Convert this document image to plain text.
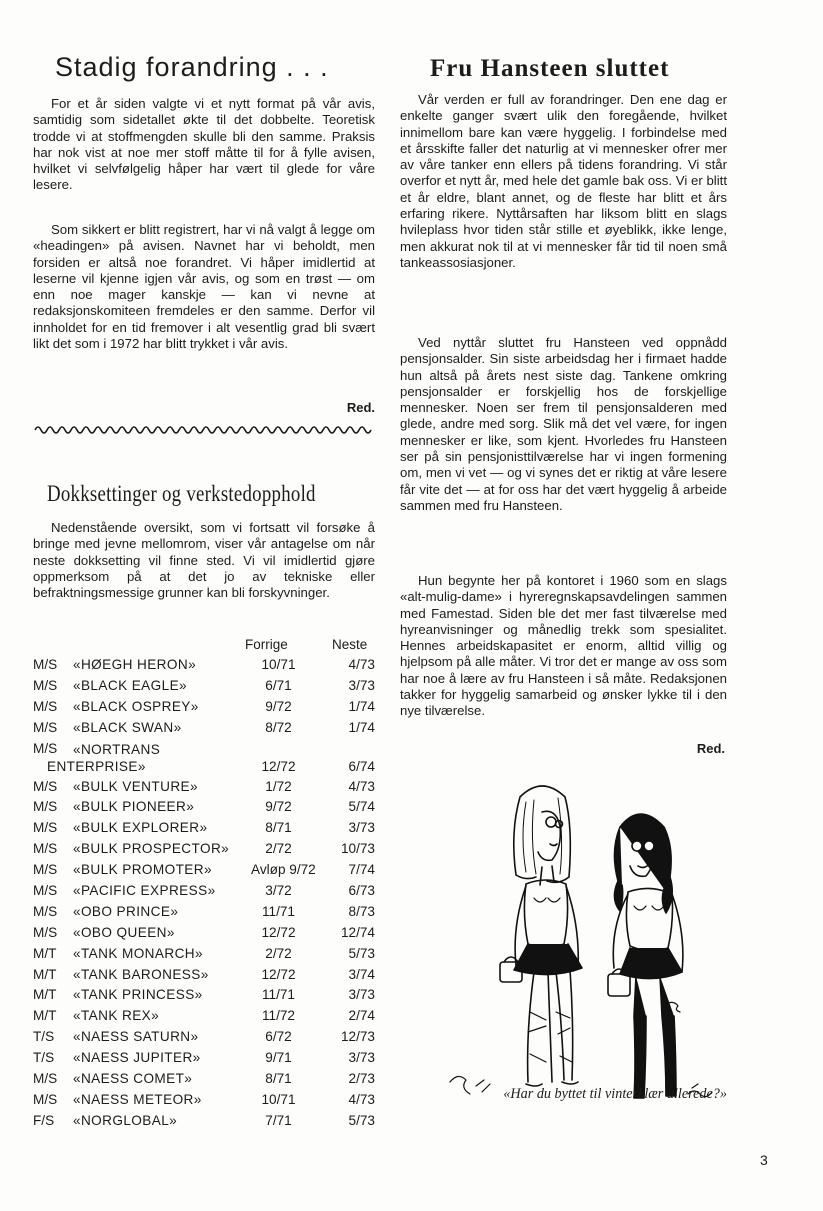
Stadig forandring . . .

For et år siden valgte vi et nytt format på vår avis, samtidig som sidetallet økte til det dobbelte. Teoretisk trodde vi at stoffmengden skulle bli den samme. Praksis har nok vist at noe mer stoff måtte til for å fylle avisen, hvilket vi selvfølgelig håper har vært til glede for våre lesere.

Som sikkert er blitt registrert, har vi nå valgt å legge om «headingen» på avisen. Navnet har vi beholdt, men forsiden er altså noe forandret. Vi håper imidlertid at leserne vil kjenne igjen vår avis, og som en trøst — om enn noe mager kanskje — kan vi nevne at redaksjonskomiteen fremdeles er den samme. Derfor vil innholdet for en tid fremover i alt vesentlig grad bli svært likt det som i 1972 har blitt trykket i vår avis.

Red.

Dokksettinger og verkstedopphold

Nedenstående oversikt, som vi fortsatt vil forsøke å bringe med jevne mellomrom, viser vår antagelse om når neste dokksetting vil finne sted. Vi vil imidlertid gjøre oppmerksom på at det jo av tekniske eller befraktningsmessige grunner kan bli forskyvninger.

Forrige	Neste
M/S «HØEGH HERON»	10/71	4/73
M/S «BLACK EAGLE»	6/71	3/73
M/S «BLACK OSPREY»	9/72	1/74
M/S «BLACK SWAN»	8/72	1/74
M/S «NORTRANS
ENTERPRISE»	12/72	6/74
M/S «BULK VENTURE»	1/72	4/73
M/S «BULK PIONEER»	9/72	5/74
M/S «BULK EXPLORER»	8/71	3/73
M/S «BULK PROSPECTOR»	2/72	10/73
M/S «BULK PROMOTER»	Avløp 9/72	7/74
M/S «PACIFIC EXPRESS»	3/72	6/73
M/S «OBO PRINCE»	11/71	8/73
M/S «OBO QUEEN»	12/72	12/74
M/T «TANK MONARCH»	2/72	5/73
M/T «TANK BARONESS»	12/72	3/74
M/T «TANK PRINCESS»	11/71	3/73
M/T «TANK REX»	11/72	2/74
T/S «NAESS SATURN»	6/72	12/73
T/S «NAESS JUPITER»	9/71	3/73
M/S «NAESS COMET»	8/71	2/73
M/S «NAESS METEOR»	10/71	4/73
F/S «NORGLOBAL»	7/71	5/73
Fru Hansteen sluttet

Vår verden er full av forandringer. Den ene dag er enkelte ganger svært ulik den foregående, hvilket innimellom bare kan være hyggelig. I forbindelse med et årsskifte faller det naturlig at vi mennesker ofrer mer av våre tanker enn ellers på tidens forandring. Vi står overfor et nytt år, med hele det gamle bak oss. Vi er blitt et år eldre, blant annet, og de fleste har blitt et års erfaring rikere. Nyttårsaften har liksom blitt en slags hvileplass hvor tiden står stille et øyeblikk, ikke lenge, men akkurat nok til at vi mennesker får tid til noen små tankeassosiasjoner.

Ved nyttår sluttet fru Hansteen ved oppnådd pensjonsalder. Sin siste arbeidsdag her i firmaet hadde hun altså på årets nest siste dag. Tankene omkring pensjonsalder er forskjellig hos de forskjellige mennesker. Noen ser frem til pensjonsalderen med glede, andre med sorg. Slik må det vel være, for ingen mennesker er like, som kjent. Hvorledes fru Hansteen ser på sin pensjonisttilværelse har vi ingen formening om, men vi vet — og vi synes det er riktig at våre lesere får vite det — at for oss har det vært hyggelig å arbeide sammen med fru Hansteen.

Hun begynte her på kontoret i 1960 som en slags «alt-mulig-dame» i hyreregnskapsavdelingen sammen med Famestad. Siden ble det mer fast tilværelse med hyreanvisninger og månedlig trekk som spesialitet. Hennes arbeidskapasitet er enorm, alltid villig og hjelpsom på alle måter. Vi tror det er mange av oss som har noe å lære av fru Hansteen i så måte. Redaksjonen takker for hyggelig samarbeid og ønsker lykke til i den nye tilværelse.

Red.

«Har du byttet til vinterklær allerede?»

3
